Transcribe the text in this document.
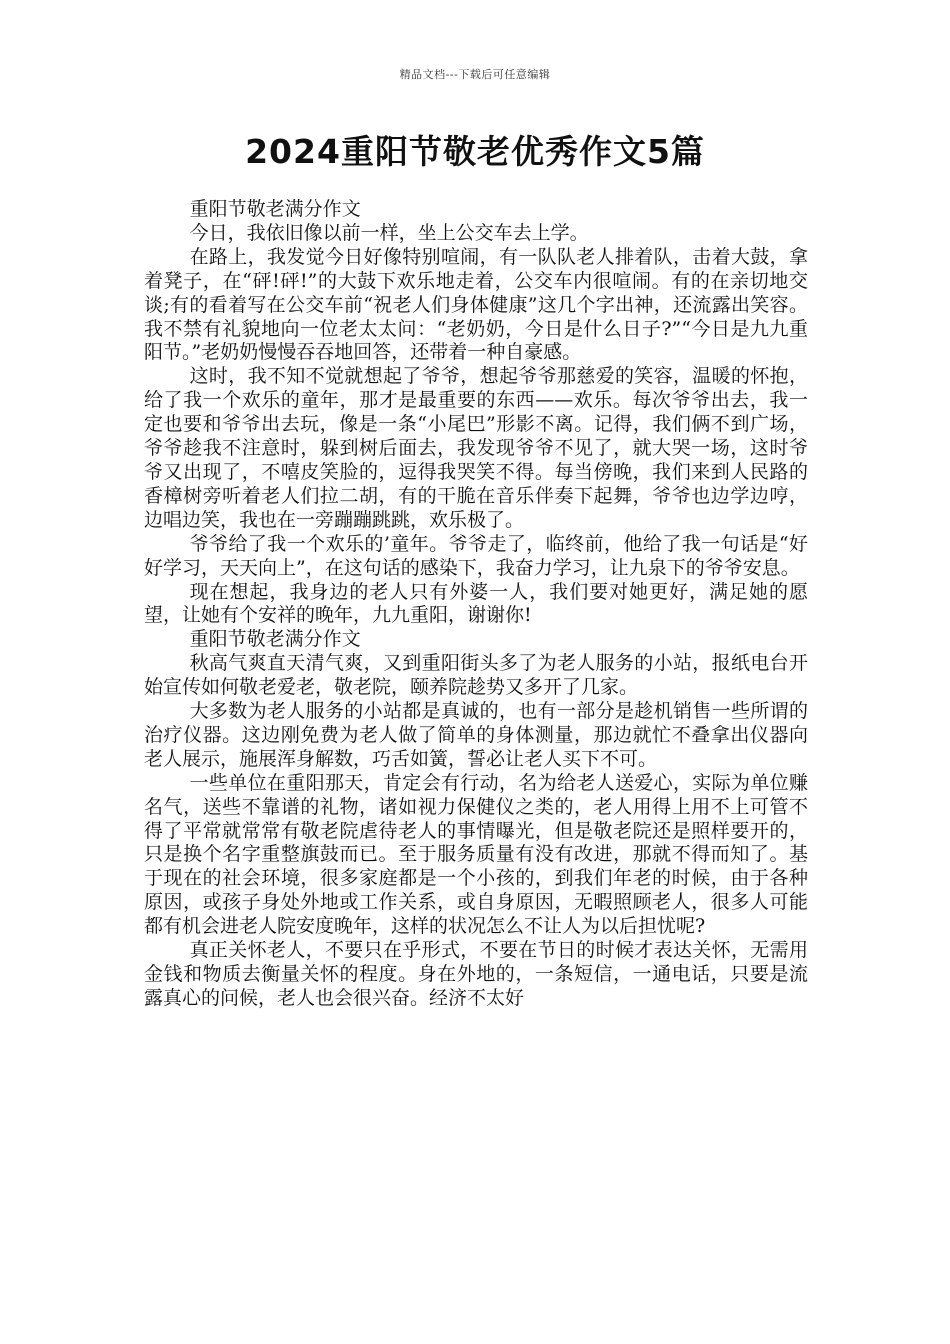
精品文档---下载后可任意编辑
2024重阳节敬老优秀作文5篇

重阳节敬老满分作文

今日，我依旧像以前一样，坐上公交车去上学。

在路上，我发觉今日好像特别喧闹，有一队队老人排着队，击着大鼓，拿着凳子，在“砰!砰!”的大鼓下欢乐地走着，公交车内很喧闹。有的在亲切地交谈;有的看着写在公交车前“祝老人们身体健康”这几个字出神，还流露出笑容。我不禁有礼貌地向一位老太太问：“老奶奶，今日是什么日子?”“今日是九九重阳节。”老奶奶慢慢吞吞地回答，还带着一种自豪感。

这时，我不知不觉就想起了爷爷，想起爷爷那慈爱的笑容，温暖的怀抱，给了我一个欢乐的童年，那才是最重要的东西——欢乐。每次爷爷出去，我一定也要和爷爷出去玩，像是一条“小尾巴”形影不离。记得，我们俩不到广场，爷爷趁我不注意时，躲到树后面去，我发现爷爷不见了，就大哭一场，这时爷爷又出现了，不嘻皮笑脸的，逗得我哭笑不得。每当傍晚，我们来到人民路的香樟树旁听着老人们拉二胡，有的干脆在音乐伴奏下起舞，爷爷也边学边哼，边唱边笑，我也在一旁蹦蹦跳跳，欢乐极了。

爷爷给了我一个欢乐的’童年。爷爷走了，临终前，他给了我一句话是“好好学习，天天向上”，在这句话的感染下，我奋力学习，让九泉下的爷爷安息。

现在想起，我身边的老人只有外婆一人，我们要对她更好，满足她的愿望，让她有个安祥的晚年，九九重阳，谢谢你!

重阳节敬老满分作文

秋高气爽直天清气爽，又到重阳街头多了为老人服务的小站，报纸电台开始宣传如何敬老爱老，敬老院，颐养院趁势又多开了几家。

大多数为老人服务的小站都是真诚的，也有一部分是趁机销售一些所谓的治疗仪器。这边刚免费为老人做了简单的身体测量，那边就忙不叠拿出仪器向老人展示，施展浑身解数，巧舌如簧，誓必让老人买下不可。

一些单位在重阳那天，肯定会有行动，名为给老人送爱心，实际为单位赚名气，送些不靠谱的礼物，诸如视力保健仪之类的，老人用得上用不上可管不得了平常就常常有敬老院虐待老人的事情曝光，但是敬老院还是照样要开的，只是换个名字重整旗鼓而已。至于服务质量有没有改进，那就不得而知了。基于现在的社会环境，很多家庭都是一个小孩的，到我们年老的时候，由于各种原因，或孩子身处外地或工作关系，或自身原因，无暇照顾老人，很多人可能都有机会进老人院安度晚年，这样的状况怎么不让人为以后担忧呢?

真正关怀老人，不要只在乎形式，不要在节日的时候才表达关怀，无需用金钱和物质去衡量关怀的程度。身在外地的，一条短信，一通电话，只要是流露真心的问候，老人也会很兴奋。经济不太好
